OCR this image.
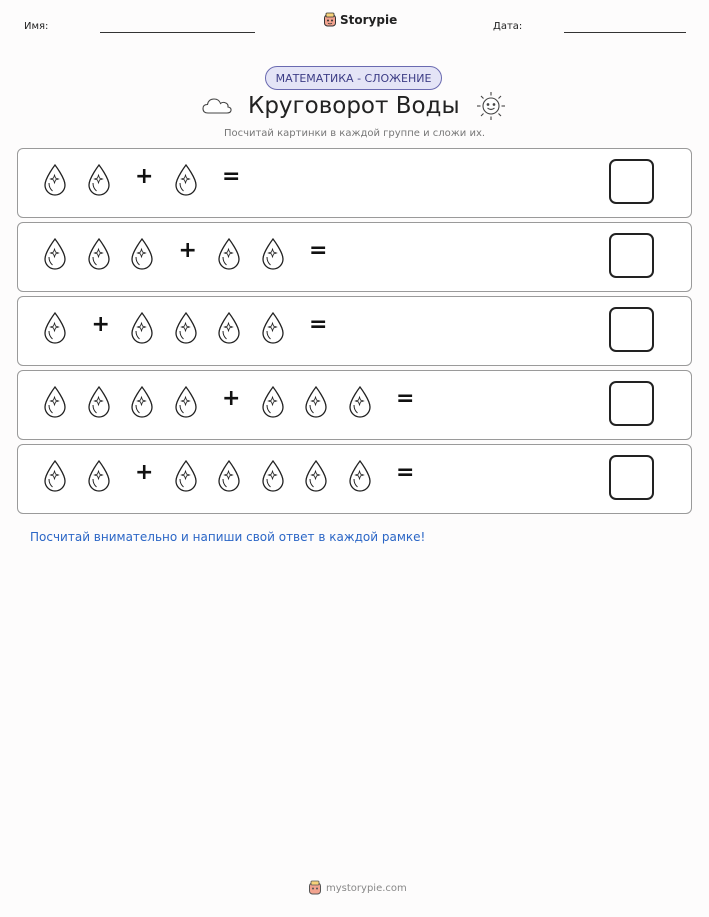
Имя:	Storypie	Дата:
МАТЕМАТИКА - СЛОЖЕНИЕ
Круговорот Воды
Посчитай картинки в каждой группе и сложи их.
+	=
+	=
+	=
+	=
+	=
Посчитай внимательно и напиши свой ответ в каждой рамке!
mystorypie.com
